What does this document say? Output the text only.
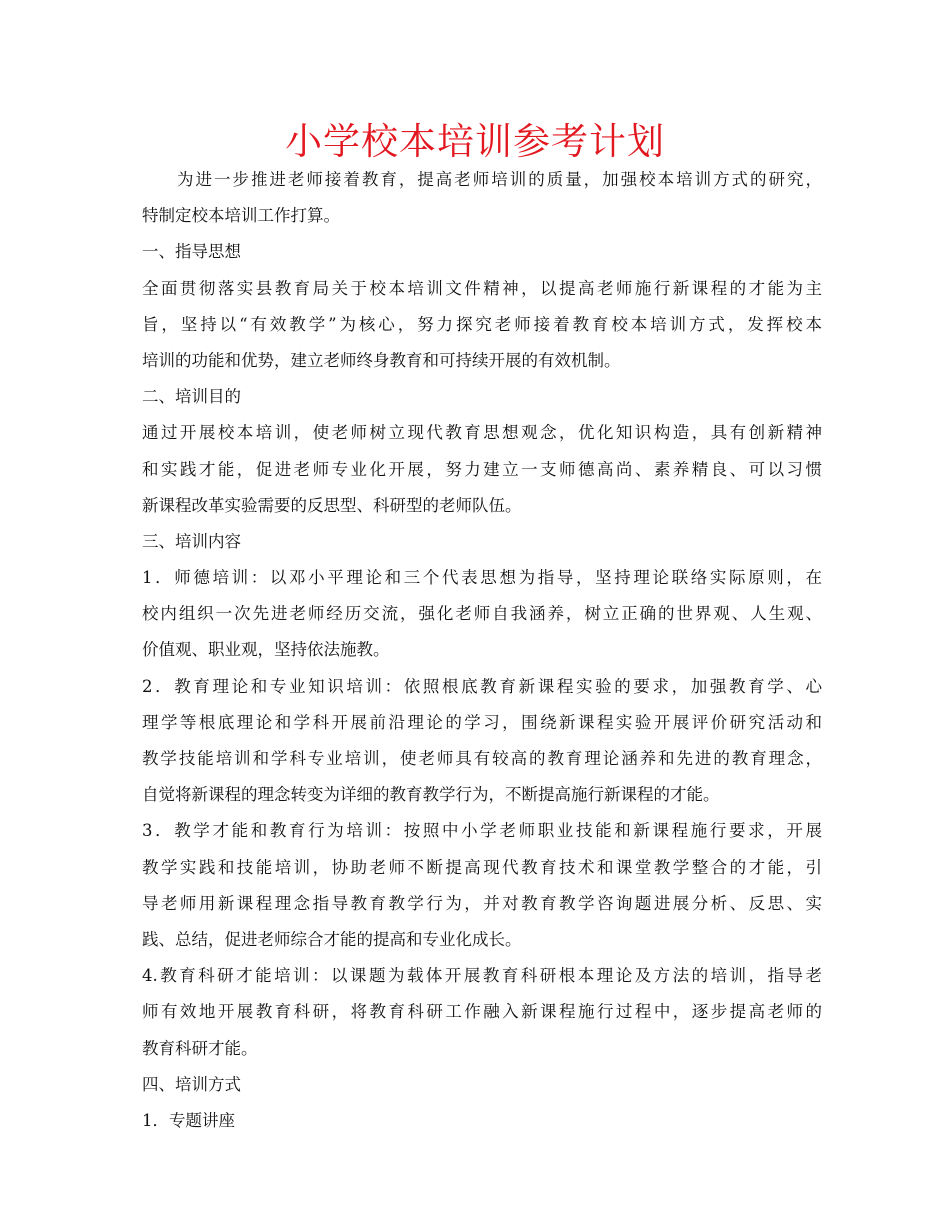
小学校本培训参考计划
为进一步推进老师接着教育，提高老师培训的质量，加强校本培训方式的研究，
特制定校本培训工作打算。
一、指导思想
全面贯彻落实县教育局关于校本培训文件精神，以提高老师施行新课程的才能为主
旨，坚持以“有效教学”为核心，努力探究老师接着教育校本培训方式，发挥校本
培训的功能和优势，建立老师终身教育和可持续开展的有效机制。
二、培训目的
通过开展校本培训，使老师树立现代教育思想观念，优化知识构造，具有创新精神
和实践才能，促进老师专业化开展，努力建立一支师德高尚、素养精良、可以习惯
新课程改革实验需要的反思型、科研型的老师队伍。
三、培训内容
1．师德培训：以邓小平理论和三个代表思想为指导，坚持理论联络实际原则，在
校内组织一次先进老师经历交流，强化老师自我涵养，树立正确的世界观、人生观、
价值观、职业观，坚持依法施教。
2．教育理论和专业知识培训：依照根底教育新课程实验的要求，加强教育学、心
理学等根底理论和学科开展前沿理论的学习，围绕新课程实验开展评价研究活动和
教学技能培训和学科专业培训，使老师具有较高的教育理论涵养和先进的教育理念，
自觉将新课程的理念转变为详细的教育教学行为，不断提高施行新课程的才能。
3．教学才能和教育行为培训：按照中小学老师职业技能和新课程施行要求，开展
教学实践和技能培训，协助老师不断提高现代教育技术和课堂教学整合的才能，引
导老师用新课程理念指导教育教学行为，并对教育教学咨询题进展分析、反思、实
践、总结，促进老师综合才能的提高和专业化成长。
4.教育科研才能培训：以课题为载体开展教育科研根本理论及方法的培训，指导老
师有效地开展教育科研，将教育科研工作融入新课程施行过程中，逐步提高老师的
教育科研才能。
四、培训方式
1．专题讲座
